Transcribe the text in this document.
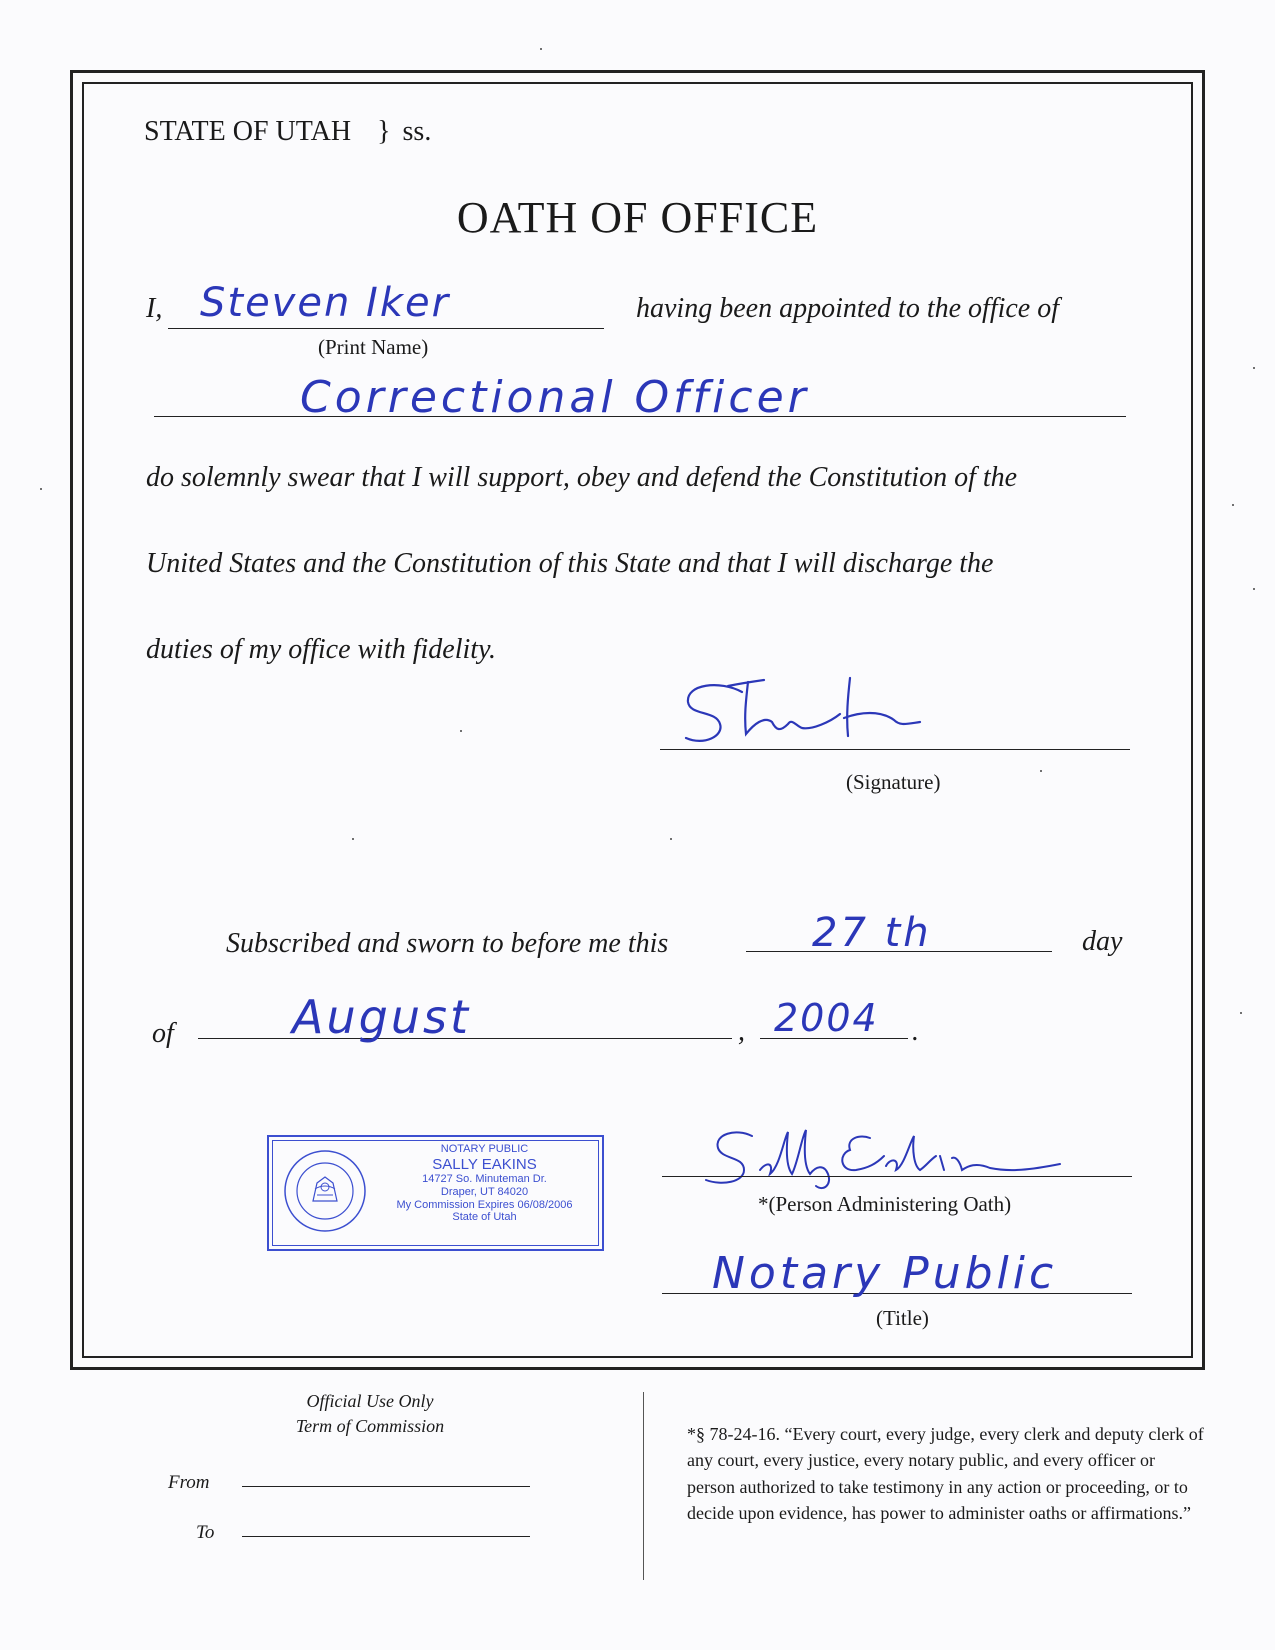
STATE OF UTAH } ss.
OATH OF OFFICE
I, Steven Iker	having been appointed to the office of
(Print Name)
Correctional Officer
do solemnly swear that I will support, obey and defend the Constitution of the
United States and the Constitution of this State and that I will discharge the
duties of my office with fidelity.
(Signature)
Subscribed and sworn to before me this	27 th	day
of	August	, 2004 .
NOTARY PUBLIC
SALLY EAKINS
14727 So. Minuteman Dr.
Draper, UT 84020
My Commission Expires 06/08/2006
State of Utah
*(Person Administering Oath)
Notary Public
(Title)
Official Use Only
Term of Commission
From
To
*§ 78-24-16. “Every court, every judge, every clerk and deputy clerk of any court, every justice, every notary public, and every officer or person authorized to take testimony in any action or proceeding, or to decide upon evidence, has power to administer oaths or affirmations.”
